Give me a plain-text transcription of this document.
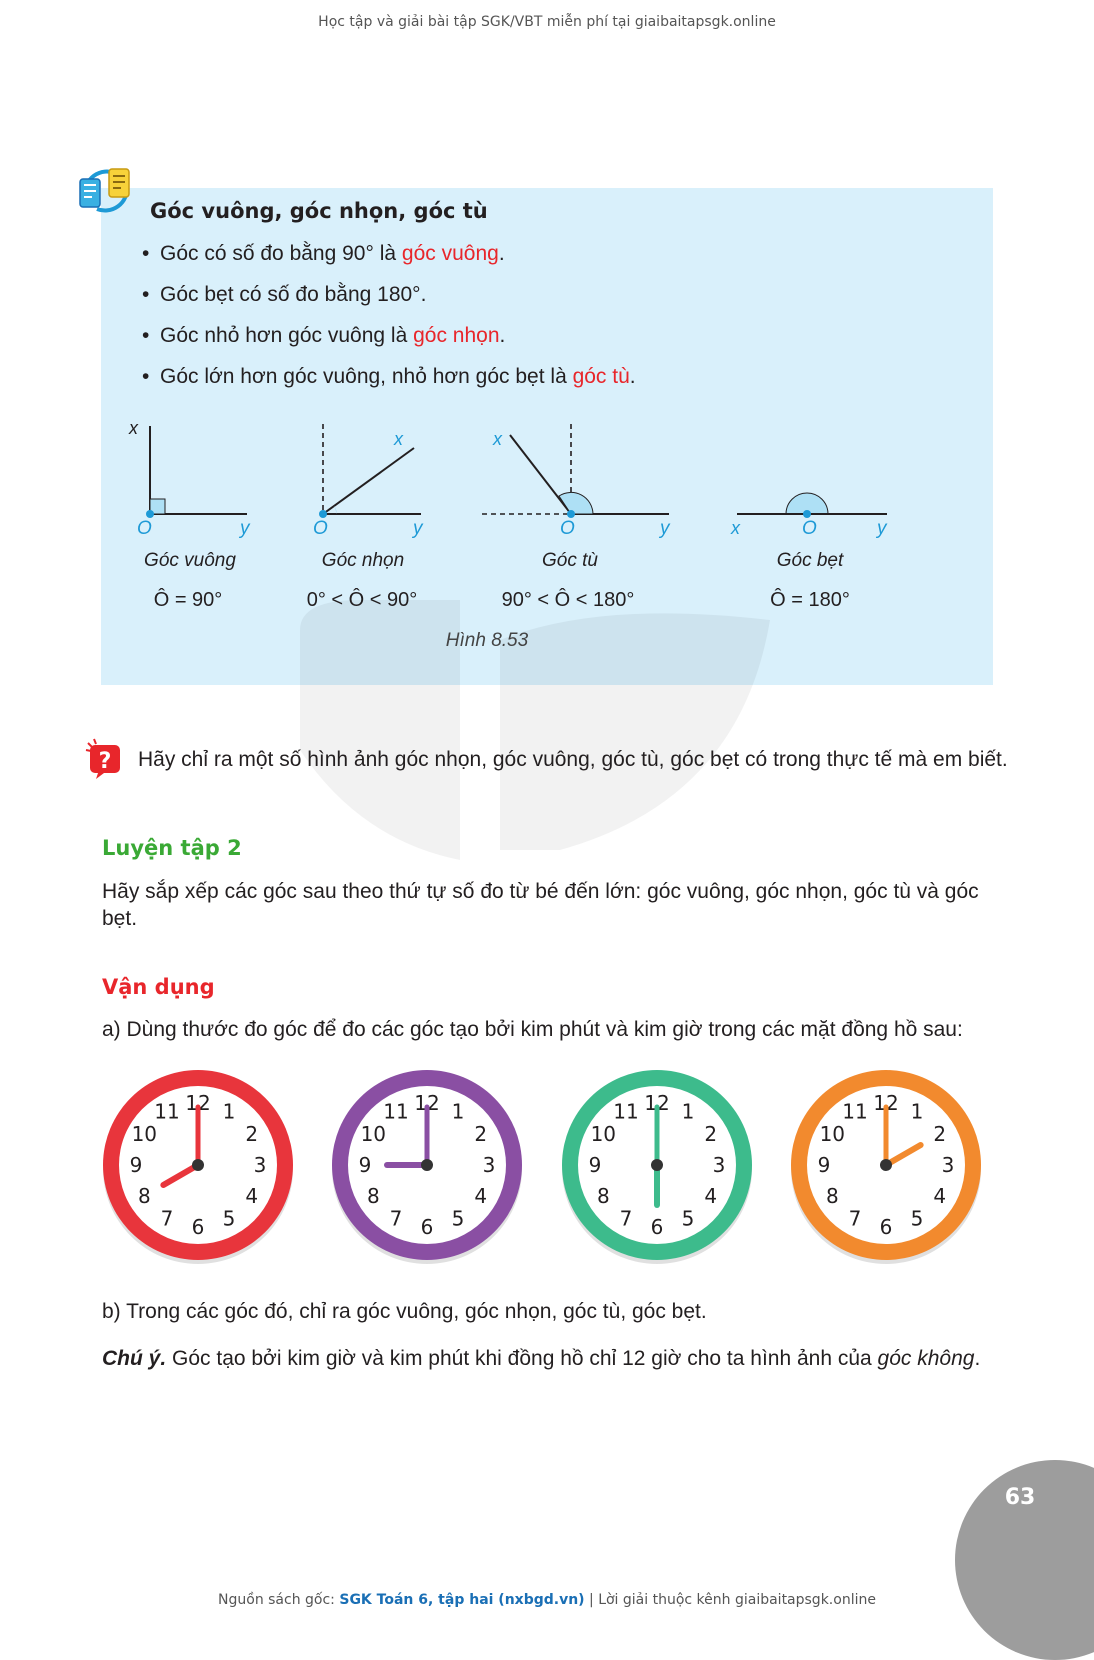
Học tập và giải bài tập SGK/VBT miễn phí tại giaibaitapsgk.online
Góc vuông, góc nhọn, góc tù
• Góc có số đo bằng 90° là góc vuông.
• Góc bẹt có số đo bằng 180°.
• Góc nhỏ hơn góc vuông là góc nhọn.
• Góc lớn hơn góc vuông, nhỏ hơn góc bẹt là góc tù.
x
O	y
x
O	y
x
O	y	x	O	y
Góc vuông	Góc nhọn	Góc tù	Góc bẹt
Ô = 90°	0° < Ô < 90°	90° < Ô < 180°	Ô = 180°
Hình 8.53
? Hãy chỉ ra một số hình ảnh góc nhọn, góc vuông, góc tù, góc bẹt có trong thực tế mà em biết.
Luyện tập 2
Hãy sắp xếp các góc sau theo thứ tự số đo từ bé đến lớn: góc vuông, góc nhọn, góc tù và góc bẹt.
Vận dụng
a) Dùng thước đo góc để đo các góc tạo bởi kim phút và kim giờ trong các mặt đồng hồ sau:
12 1
2
3
4
5
6
7
8
9
10
11	12 1
2
3
4
5
6
7
8
9
10
11	12 1
2
3
4
5
6
7
8
9
10
11	12 1
2
3
4
5
6
7
8
9
10
11
b) Trong các góc đó, chỉ ra góc vuông, góc nhọn, góc tù, góc bẹt.
Chú ý. Góc tạo bởi kim giờ và kim phút khi đồng hồ chỉ 12 giờ cho ta hình ảnh của góc không.
63
Nguồn sách gốc: SGK Toán 6, tập hai (nxbgd.vn) | Lời giải thuộc kênh giaibaitapsgk.online
